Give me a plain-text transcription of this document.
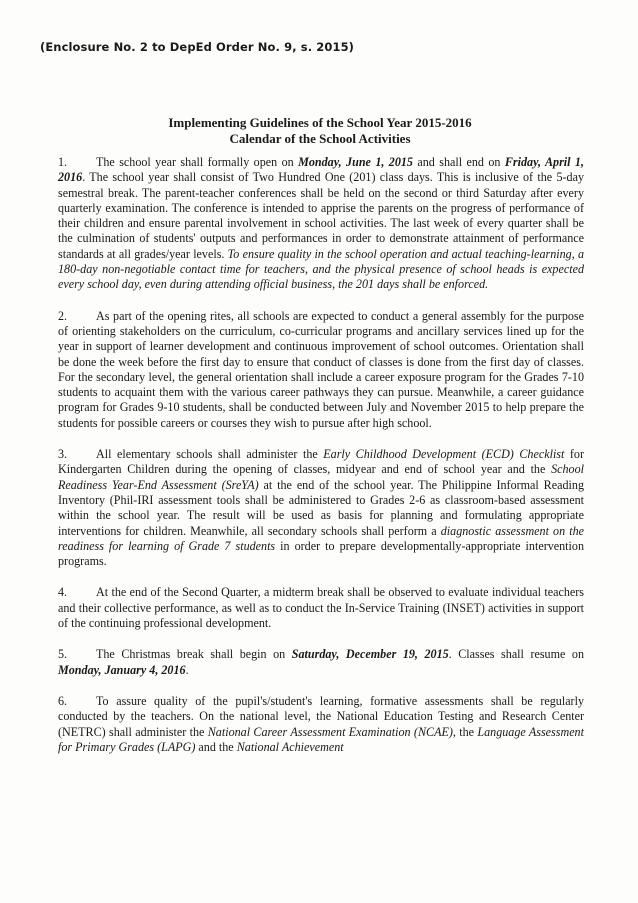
(Enclosure No. 2 to DepEd Order No. 9, s. 2015)
Implementing Guidelines of the School Year 2015-2016
Calendar of the School Activities

1. The school year shall formally open on Monday, June 1, 2015 and shall end on Friday, April 1, 2016. The school year shall consist of Two Hundred One (201) class days. This is inclusive of the 5-day semestral break. The parent-teacher conferences shall be held on the second or third Saturday after every quarterly examination. The conference is intended to apprise the parents on the progress of performance of their children and ensure parental involvement in school activities. The last week of every quarter shall be the culmination of students' outputs and performances in order to demonstrate attainment of performance standards at all grades/year levels. To ensure quality in the school operation and actual teaching-learning, a 180-day non-negotiable contact time for teachers, and the physical presence of school heads is expected every school day, even during attending official business, the 201 days shall be enforced.

2. As part of the opening rites, all schools are expected to conduct a general assembly for the purpose of orienting stakeholders on the curriculum, co-curricular programs and ancillary services lined up for the year in support of learner development and continuous improvement of school outcomes. Orientation shall be done the week before the first day to ensure that conduct of classes is done from the first day of classes. For the secondary level, the general orientation shall include a career exposure program for the Grades 7-10 students to acquaint them with the various career pathways they can pursue. Meanwhile, a career guidance program for Grades 9-10 students, shall be conducted between July and November 2015 to help prepare the students for possible careers or courses they wish to pursue after high school.

3. All elementary schools shall administer the Early Childhood Development (ECD) Checklist for Kindergarten Children during the opening of classes, midyear and end of school year and the School Readiness Year-End Assessment (SreYA) at the end of the school year. The Philippine Informal Reading Inventory (Phil-IRI assessment tools shall be administered to Grades 2-6 as classroom-based assessment within the school year. The result will be used as basis for planning and formulating appropriate interventions for children. Meanwhile, all secondary schools shall perform a diagnostic assessment on the readiness for learning of Grade 7 students in order to prepare developmentally-appropriate intervention programs.

4. At the end of the Second Quarter, a midterm break shall be observed to evaluate individual teachers and their collective performance, as well as to conduct the In-Service Training (INSET) activities in support of the continuing professional development.

5. The Christmas break shall begin on Saturday, December 19, 2015. Classes shall resume on Monday, January 4, 2016.

6. To assure quality of the pupil's/student's learning, formative assessments shall be regularly conducted by the teachers. On the national level, the National Education Testing and Research Center (NETRC) shall administer the National Career Assessment Examination (NCAE), the Language Assessment for Primary Grades (LAPG) and the National Achievement
